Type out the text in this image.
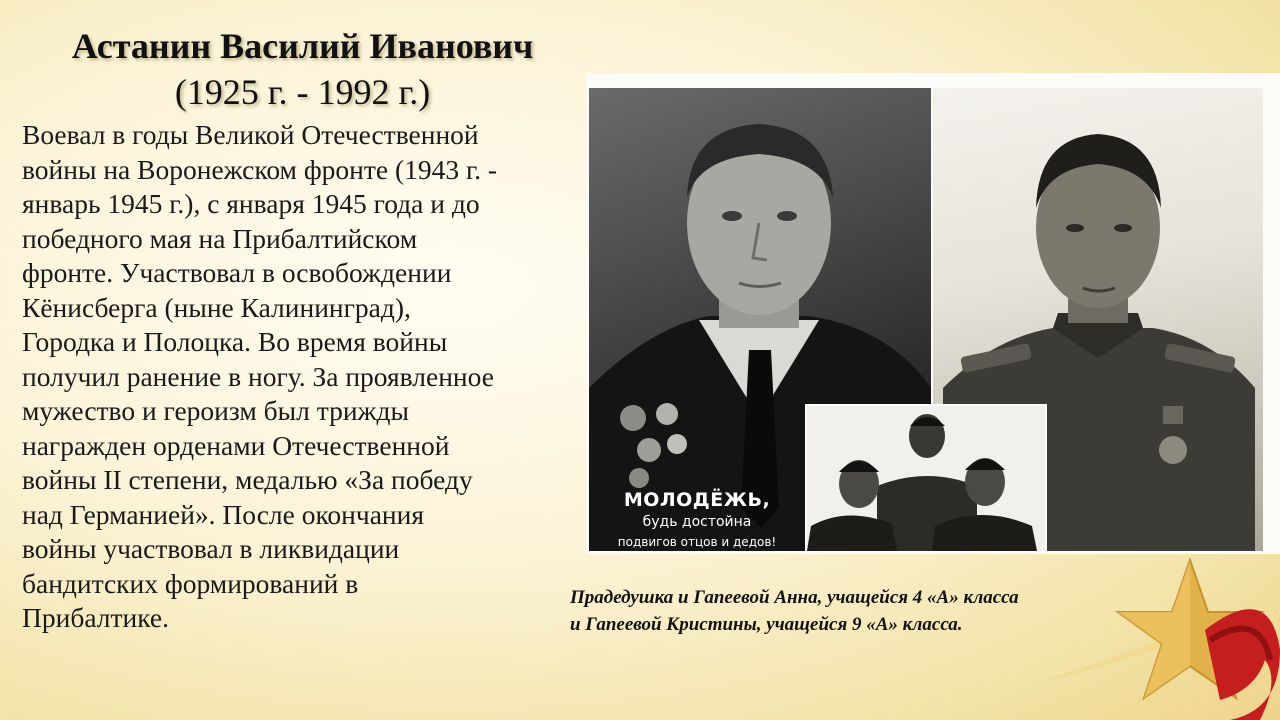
Астанин Василий Иванович
(1925 г. - 1992 г.)
Воевал в годы Великой Отечественной
войны на Воронежском фронте (1943 г. -
январь 1945 г.), с января 1945 года и до
победного мая на Прибалтийском
фронте. Участвовал в освобождении
Кёнисберга (ныне Калининград),
Городка и Полоцка. Во время войны
получил ранение в ногу. За проявленное
мужество и героизм был трижды
награжден орденами Отечественной
войны II степени, медалью «За победу
над Германией». После окончания
войны участвовал в ликвидации
бандитских формирований в
Прибалтике.
МОЛОДЁЖЬ,
будь достойна
подвигов отцов и дедов!
Прадедушка и Гапеевой Анна, учащейся 4 «А» класса
и Гапеевой Кристины, учащейся 9 «А» класса.
